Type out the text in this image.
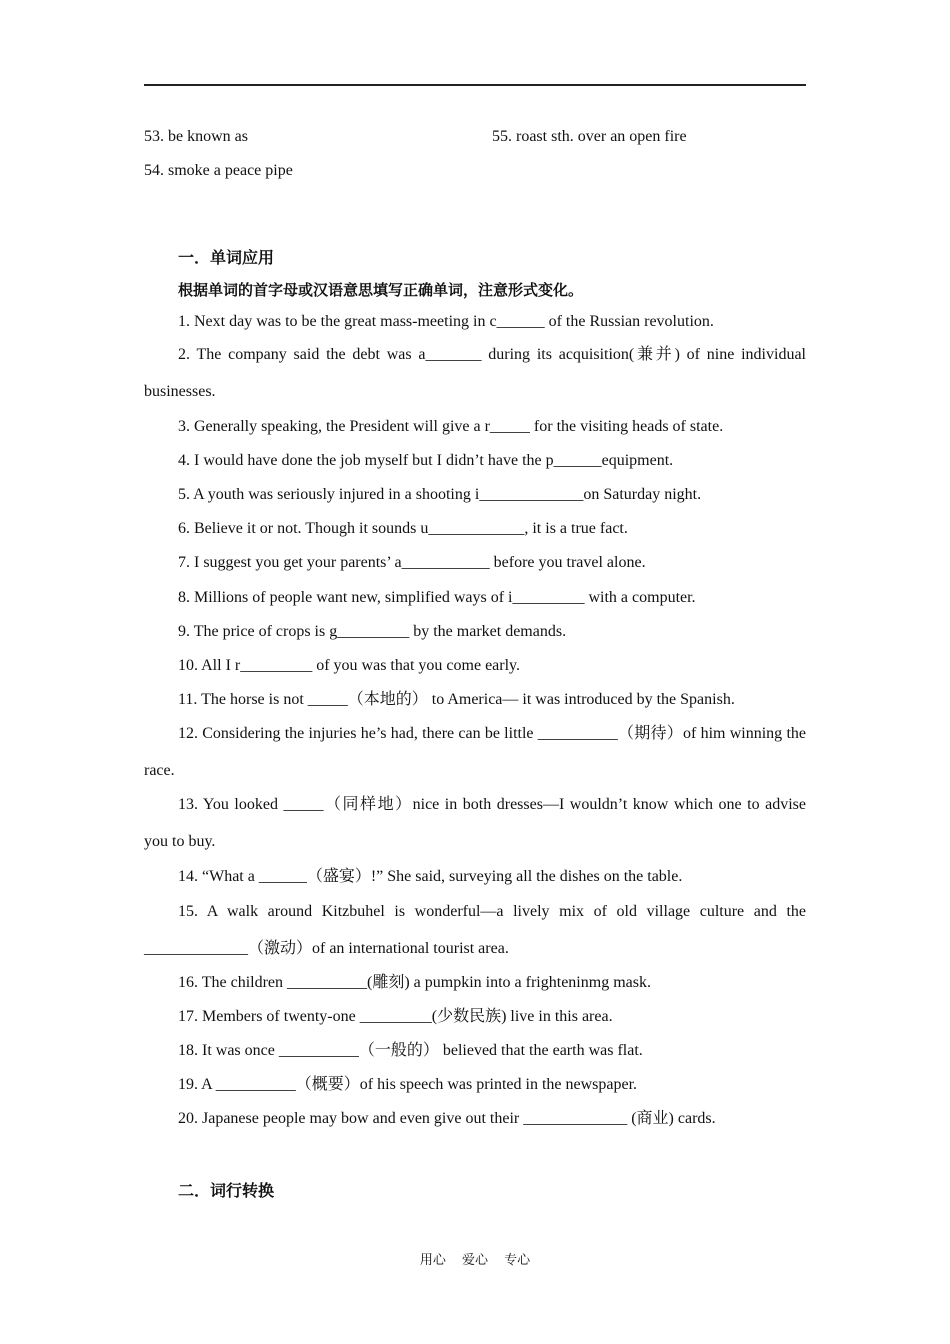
53. be known as	55. roast sth. over an open fire
54. smoke a peace pipe
一．单词应用
根据单词的首字母或汉语意思填写正确单词，注意形式变化。
1. Next day was to be the great mass-meeting in c______ of the Russian revolution.
2. The company said the debt was a_______ during its acquisition(兼并) of nine individual businesses.
3. Generally speaking, the President will give a r_____ for the visiting heads of state.
4. I would have done the job myself but I didn’t have the p______equipment.
5. A youth was seriously injured in a shooting i_____________on Saturday night.
6. Believe it or not. Though it sounds u____________, it is a true fact.
7. I suggest you get your parents’ a___________ before you travel alone.
8. Millions of people want new, simplified ways of i_________ with a computer.
9. The price of crops is g_________ by the market demands.
10. All I r_________ of you was that you come early.
11. The horse is not _____（本地的） to America— it was introduced by the Spanish.
12. Considering the injuries he’s had, there can be little __________（期待）of him winning the race.
13. You looked _____（同样地）nice in both dresses—I wouldn’t know which one to advise you to buy.
14. “What a ______（盛宴）!” She said, surveying all the dishes on the table.
15. A walk around Kitzbuhel is wonderful—a lively mix of old village culture and the _____________（激动）of an international tourist area.
16. The children __________(雕刻) a pumpkin into a frighteninmg mask.
17. Members of twenty-one _________(少数民族) live in this area.
18. It was once __________（一般的） believed that the earth was flat.
19. A __________（概要）of his speech was printed in the newspaper.
20. Japanese people may bow and even give out their _____________ (商业) cards.
二．词行转换
用心 爱心 专心
